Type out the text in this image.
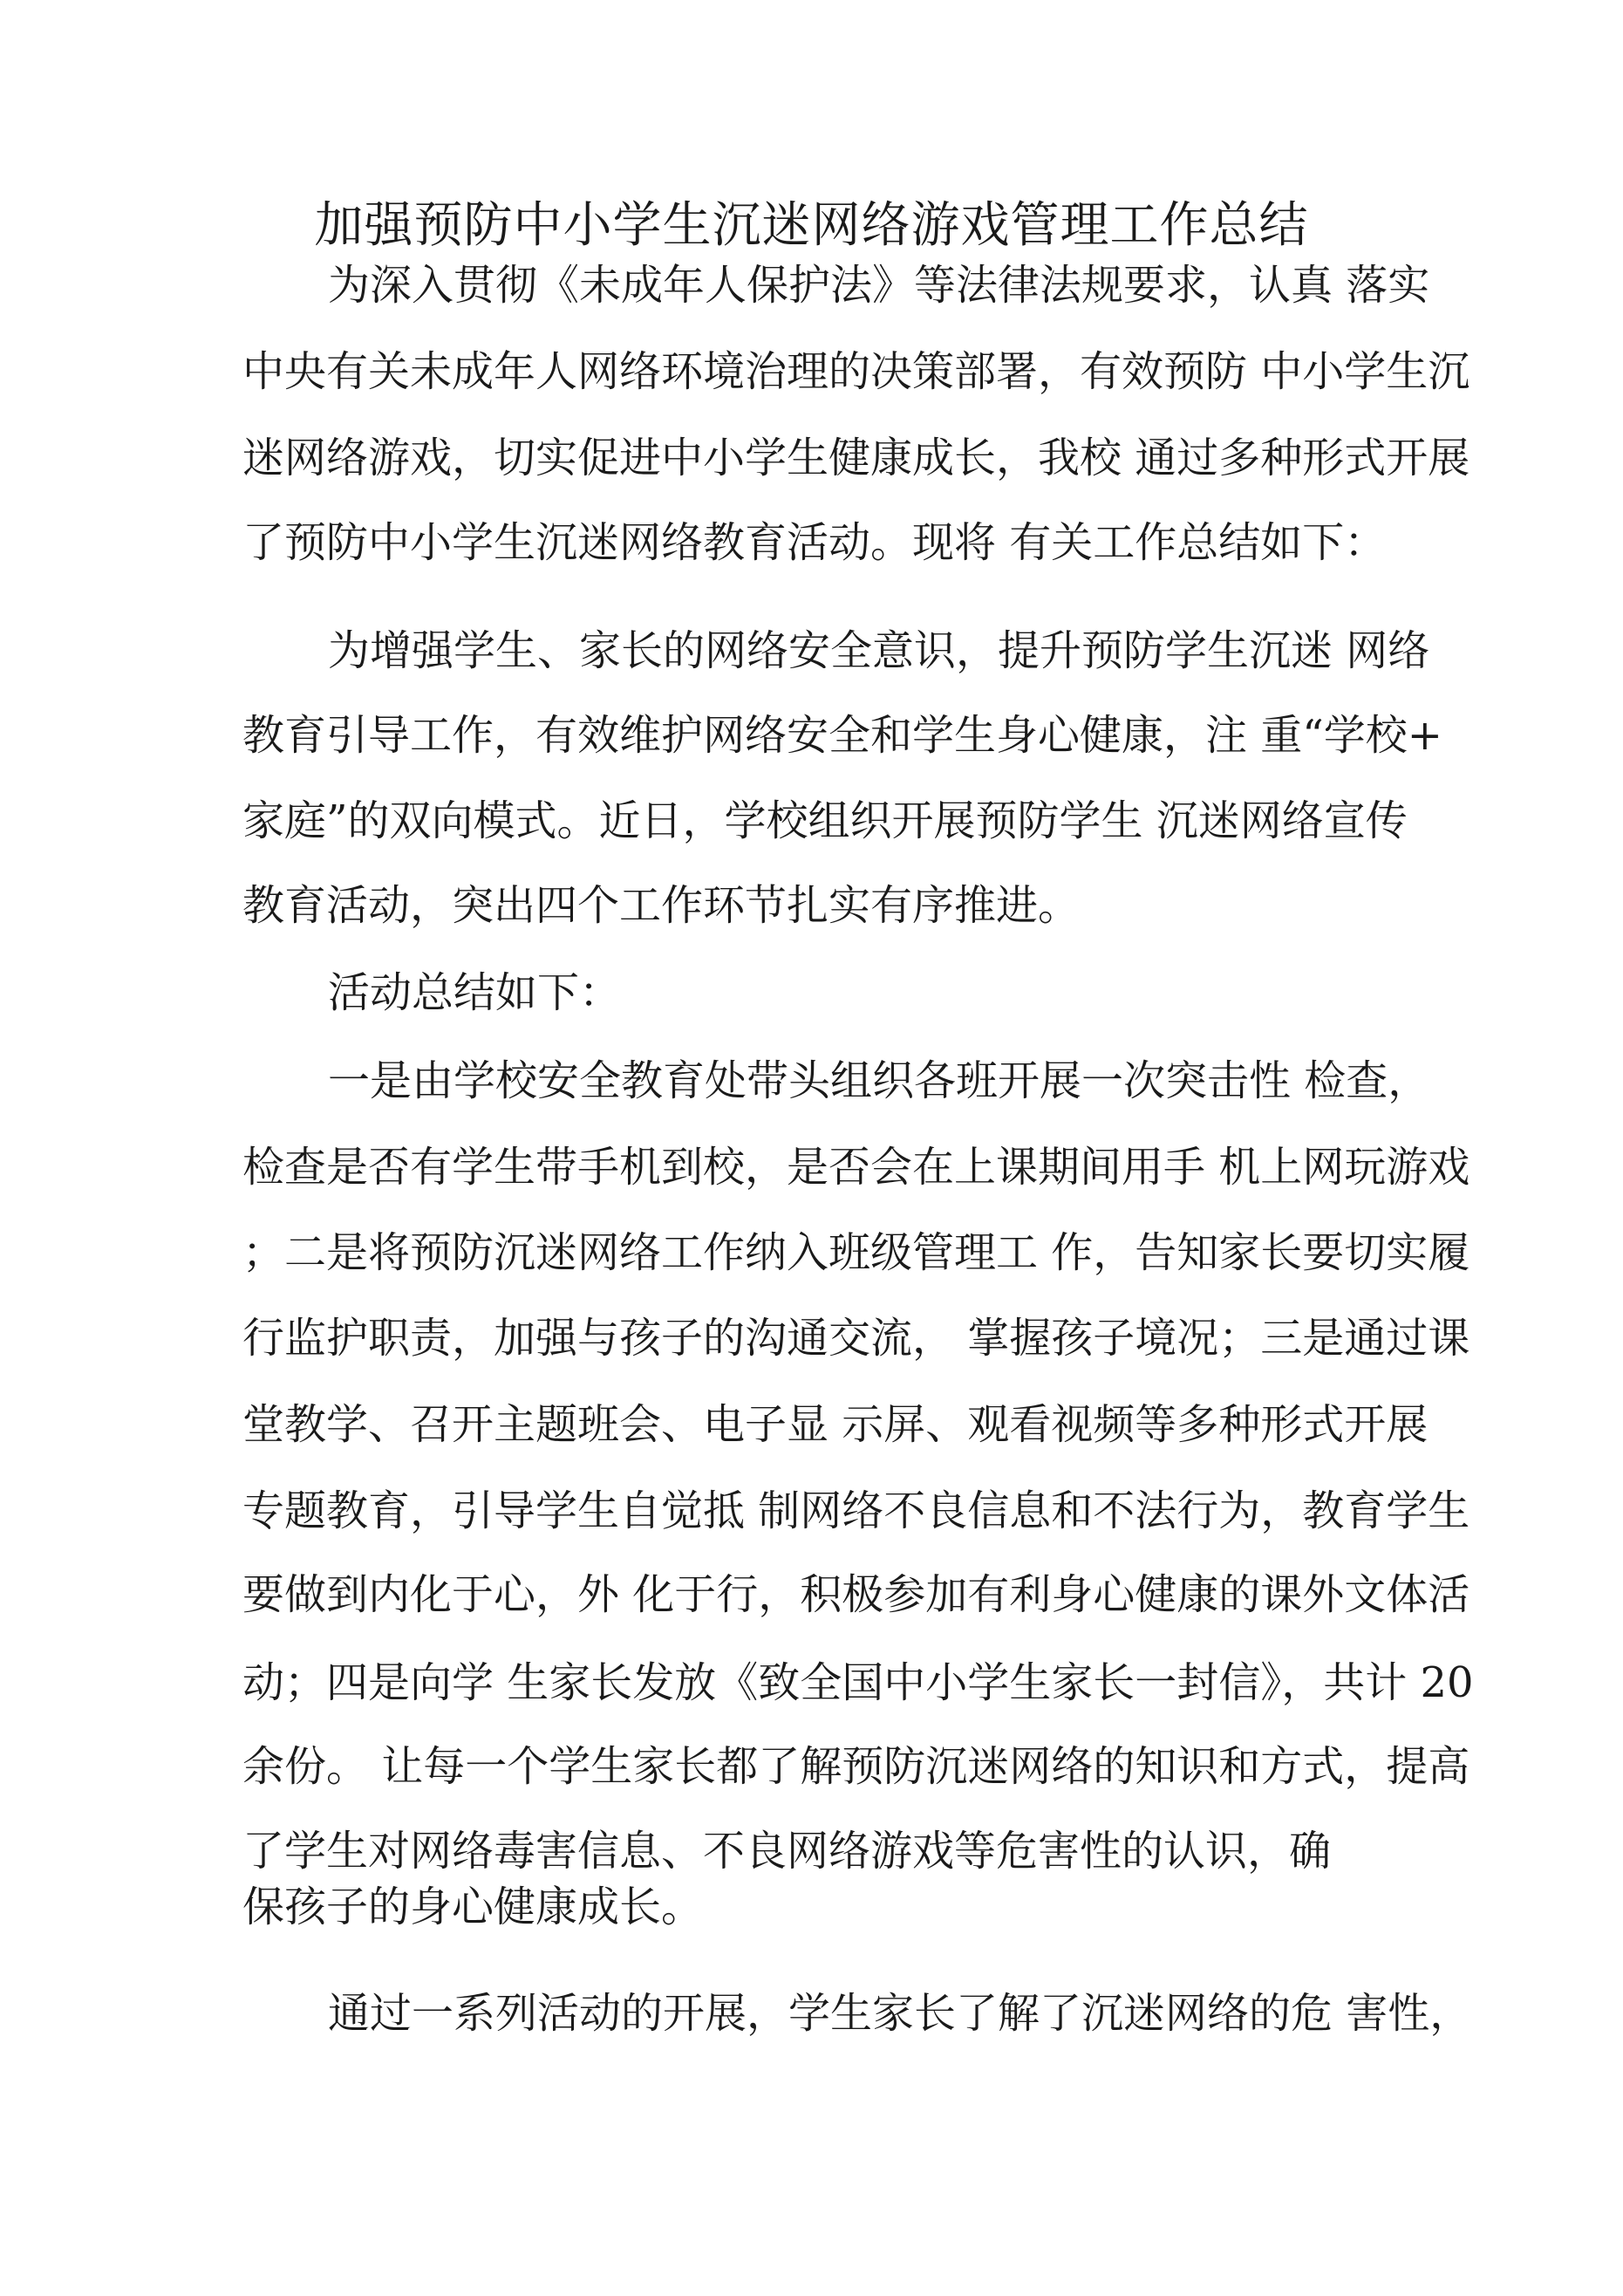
加强预防中小学生沉迷网络游戏管理工作总结
为深入贯彻《未成年人保护法》等法律法规要求，认真 落实
中央有关未成年人网络环境治理的决策部署，有效预防 中小学生沉
迷网络游戏，切实促进中小学生健康成长，我校 通过多种形式开展
了预防中小学生沉迷网络教育活动。现将 有关工作总结如下：
为增强学生、家长的网络安全意识，提升预防学生沉迷 网络
教育引导工作，有效维护网络安全和学生身心健康，注 重“学校+
家庭”的双向模式。近日，学校组织开展预防学生 沉迷网络宣传
教育活动，突出四个工作环节扎实有序推进。
活动总结如下：
一是由学校安全教育处带头组织各班开展一次突击性 检查，
检查是否有学生带手机到校，是否会在上课期间用手 机上网玩游戏
；二是将预防沉迷网络工作纳入班级管理工 作，告知家长要切实履
行监护职责，加强与孩子的沟通交流， 掌握孩子境况；三是通过课
堂教学、召开主题班会、电子显 示屏、观看视频等多种形式开展
专题教育，引导学生自觉抵 制网络不良信息和不法行为，教育学生
要做到内化于心，外 化于行，积极参加有利身心健康的课外文体活
动；四是向学 生家长发放《致全国中小学生家长一封信》，共计 20
余份。 让每一个学生家长都了解预防沉迷网络的知识和方式，提高
了学生对网络毒害信息、不良网络游戏等危害性的认识，确
保孩子的身心健康成长。
通过一系列活动的开展，学生家长了解了沉迷网络的危 害性，
